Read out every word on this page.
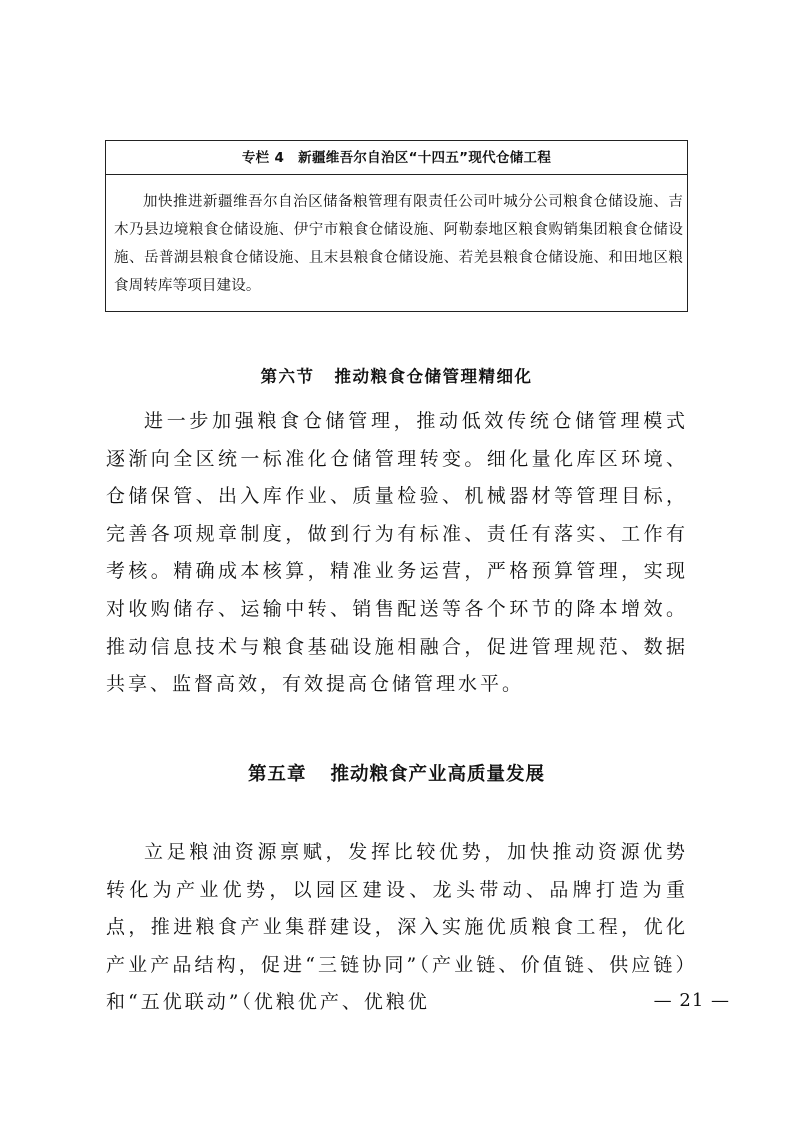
专栏 4 新疆维吾尔自治区“十四五”现代仓储工程
加快推进新疆维吾尔自治区储备粮管理有限责任公司叶城分公司粮食仓储设施、吉木乃县边境粮食仓储设施、伊宁市粮食仓储设施、阿勒泰地区粮食购销集团粮食仓储设施、岳普湖县粮食仓储设施、且末县粮食仓储设施、若羌县粮食仓储设施、和田地区粮食周转库等项目建设。
第六节 推动粮食仓储管理精细化
进一步加强粮食仓储管理，推动低效传统仓储管理模式逐渐向全区统一标准化仓储管理转变。细化量化库区环境、仓储保管、出入库作业、质量检验、机械器材等管理目标，完善各项规章制度，做到行为有标准、责任有落实、工作有考核。精确成本核算，精准业务运营，严格预算管理，实现对收购储存、运输中转、销售配送等各个环节的降本增效。推动信息技术与粮食基础设施相融合，促进管理规范、数据共享、监督高效，有效提高仓储管理水平。
第五章 推动粮食产业高质量发展
立足粮油资源禀赋，发挥比较优势，加快推动资源优势转化为产业优势，以园区建设、龙头带动、品牌打造为重点，推进粮食产业集群建设，深入实施优质粮食工程，优化产业产品结构，促进“三链协同”（产业链、价值链、供应链）和“五优联动”（优粮优产、优粮优	— 21 —
